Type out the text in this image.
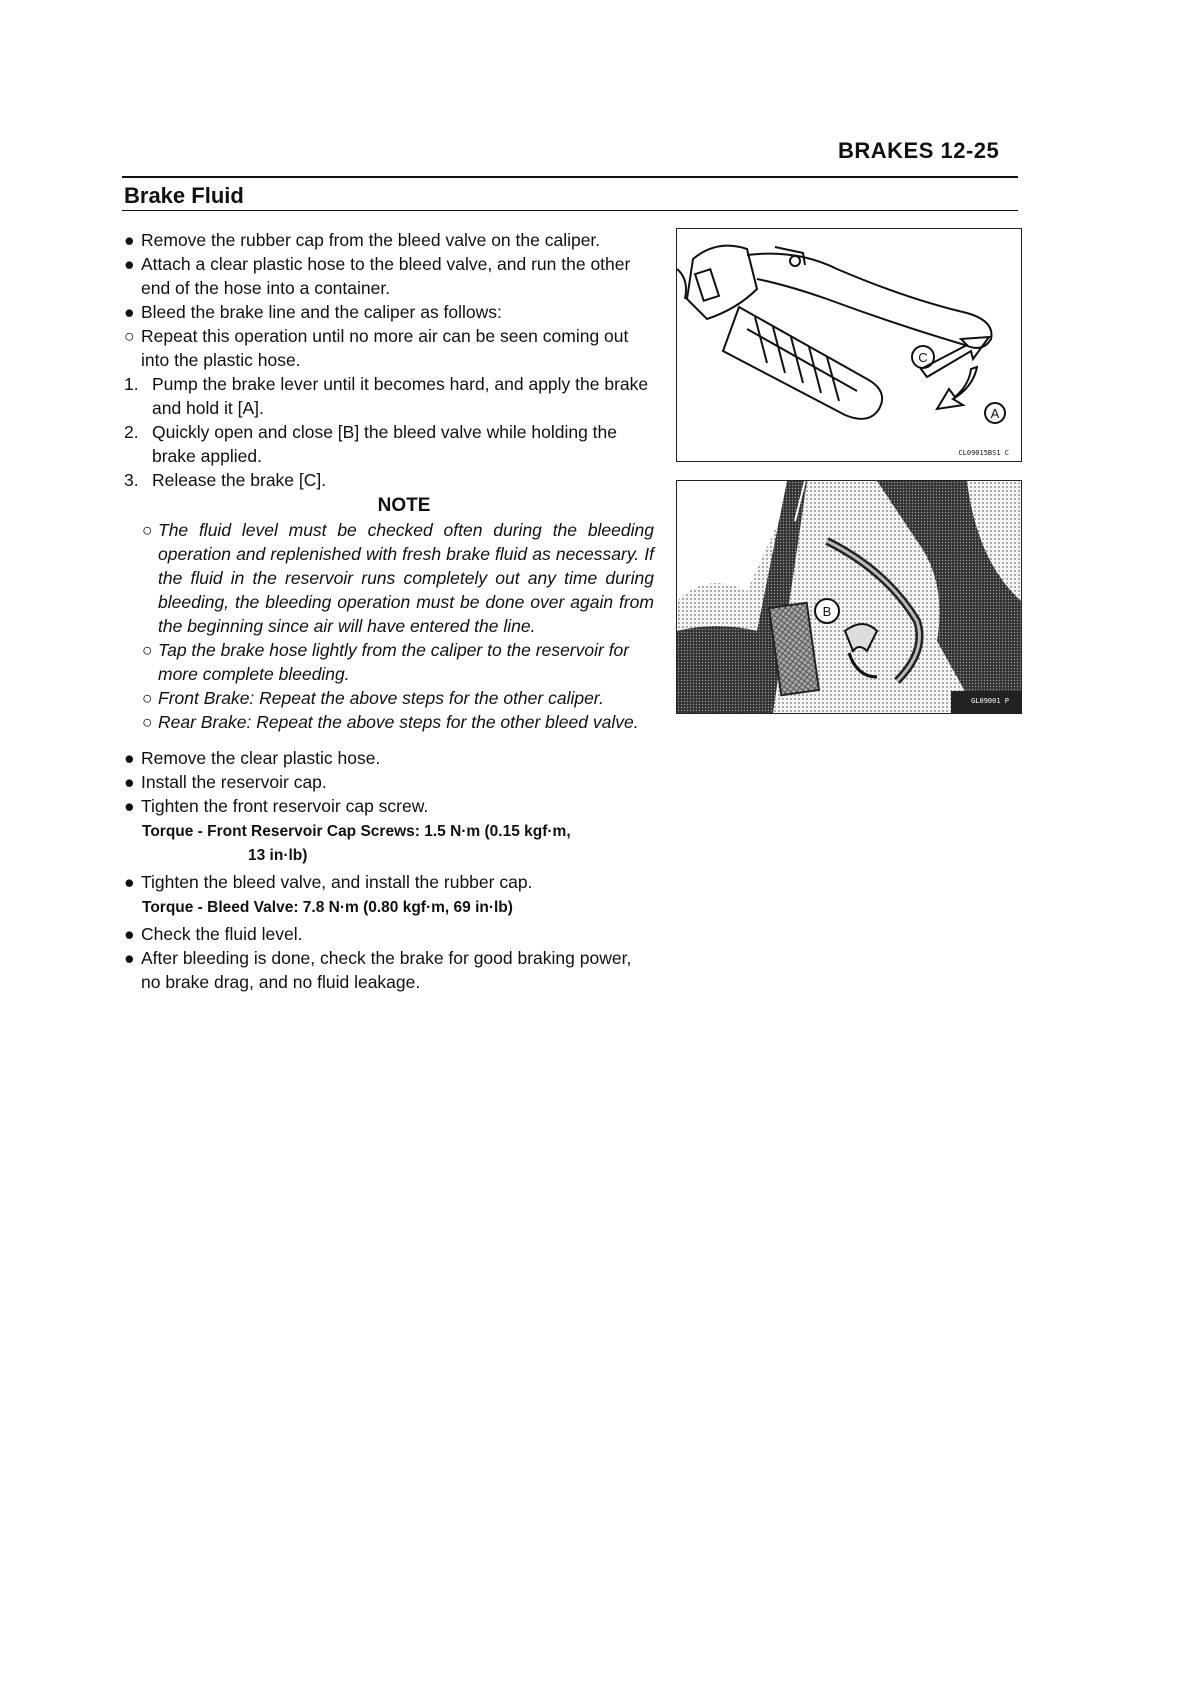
BRAKES 12-25
Brake Fluid
● Remove the rubber cap from the bleed valve on the caliper.
● Attach a clear plastic hose to the bleed valve, and run the other end of the hose into a container.
● Bleed the brake line and the caliper as follows:
○ Repeat this operation until no more air can be seen coming out into the plastic hose.
1. Pump the brake lever until it becomes hard, and apply the brake and hold it [A].
2. Quickly open and close [B] the bleed valve while holding the brake applied.
3. Release the brake [C].
NOTE
○ The fluid level must be checked often during the bleeding operation and replenished with fresh brake fluid as necessary. If the fluid in the reservoir runs completely out any time during bleeding, the bleeding operation must be done over again from the beginning since air will have entered the line.
○ Tap the brake hose lightly from the caliper to the reservoir for more complete bleeding.
○ Front Brake: Repeat the above steps for the other caliper.
○ Rear Brake: Repeat the above steps for the other bleed valve.
● Remove the clear plastic hose.
● Install the reservoir cap.
● Tighten the front reservoir cap screw.
Torque - Front Reservoir Cap Screws: 1.5 N·m (0.15 kgf·m,
13 in·lb)
● Tighten the bleed valve, and install the rubber cap.
Torque - Bleed Valve: 7.8 N·m (0.80 kgf·m, 69 in·lb)
● Check the fluid level.
● After bleeding is done, check the brake for good braking power, no brake drag, and no fluid leakage.
C
A
CL09015BS1 C
B
GL09001 P
